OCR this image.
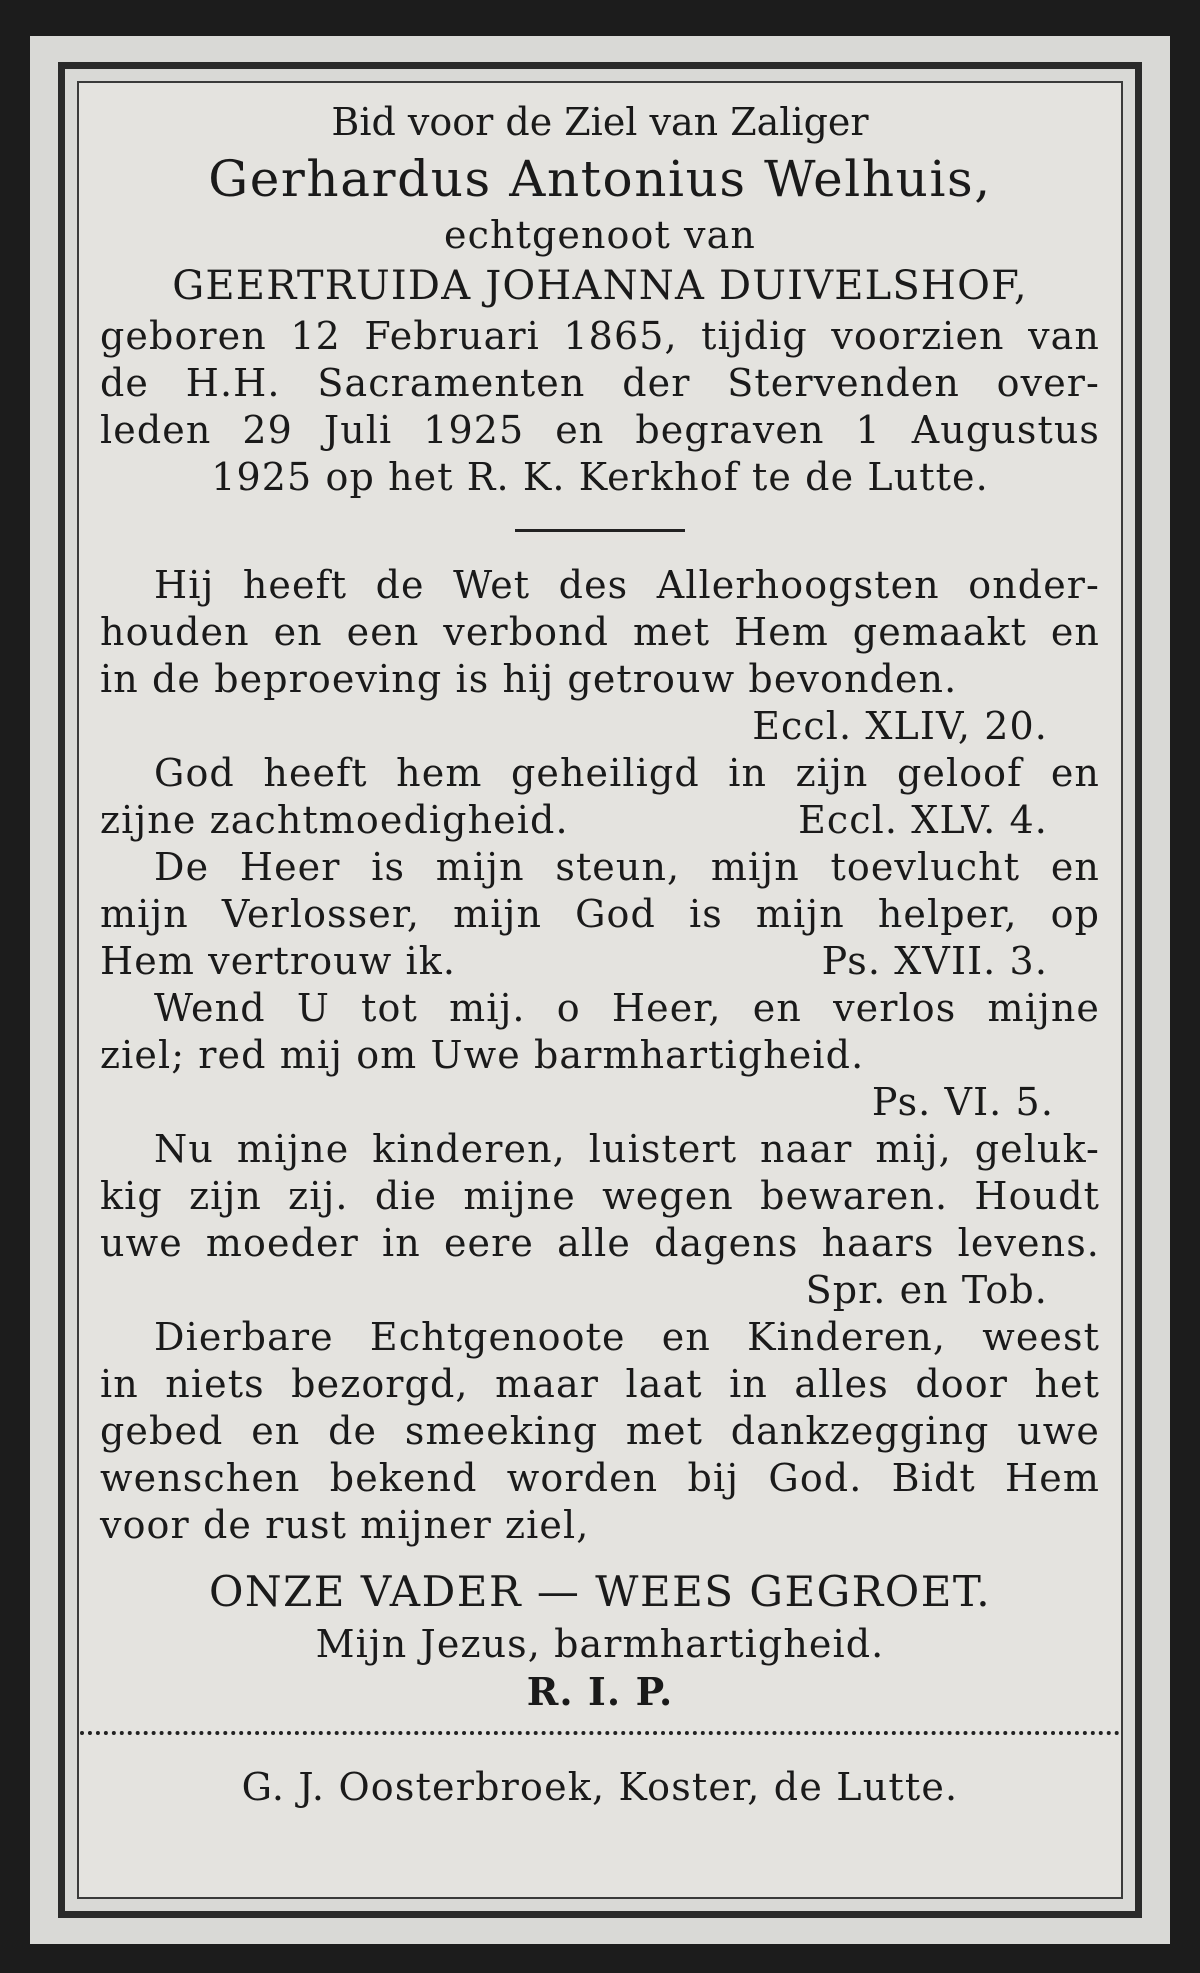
Bid voor de Ziel van Zaliger
Gerhardus Antonius Welhuis,
echtgenoot van
GEERTRUIDA JOHANNA DUIVELSHOF,
geboren 12 Februari 1865, tijdig voorzien van
de H.H. Sacramenten der Stervenden over-
leden 29 Juli 1925 en begraven 1 Augustus
1925 op het R. K. Kerkhof te de Lutte.
Hij heeft de Wet des Allerhoogsten onder-
houden en een verbond met Hem gemaakt en
in de beproeving is hij getrouw bevonden.
Eccl. XLIV, 20.
God heeft hem geheiligd in zijn geloof en
zijne zachtmoedigheid.	Eccl. XLV. 4.
De Heer is mijn steun, mijn toevlucht en
mijn Verlosser, mijn God is mijn helper, op
Hem vertrouw ik.	Ps. XVII. 3.
Wend U tot mij. o Heer, en verlos mijne
ziel; red mij om Uwe barmhartigheid.
Ps. VI. 5.
Nu mijne kinderen, luistert naar mij, geluk-
kig zijn zij. die mijne wegen bewaren. Houdt
uwe moeder in eere alle dagens haars levens.
Spr. en Tob.
Dierbare Echtgenoote en Kinderen, weest
in niets bezorgd, maar laat in alles door het
gebed en de smeeking met dankzegging uwe
wenschen bekend worden bij God. Bidt Hem
voor de rust mijner ziel,
ONZE VADER — WEES GEGROET.
Mijn Jezus, barmhartigheid.
R. I. P.
G. J. Oosterbroek, Koster, de Lutte.
